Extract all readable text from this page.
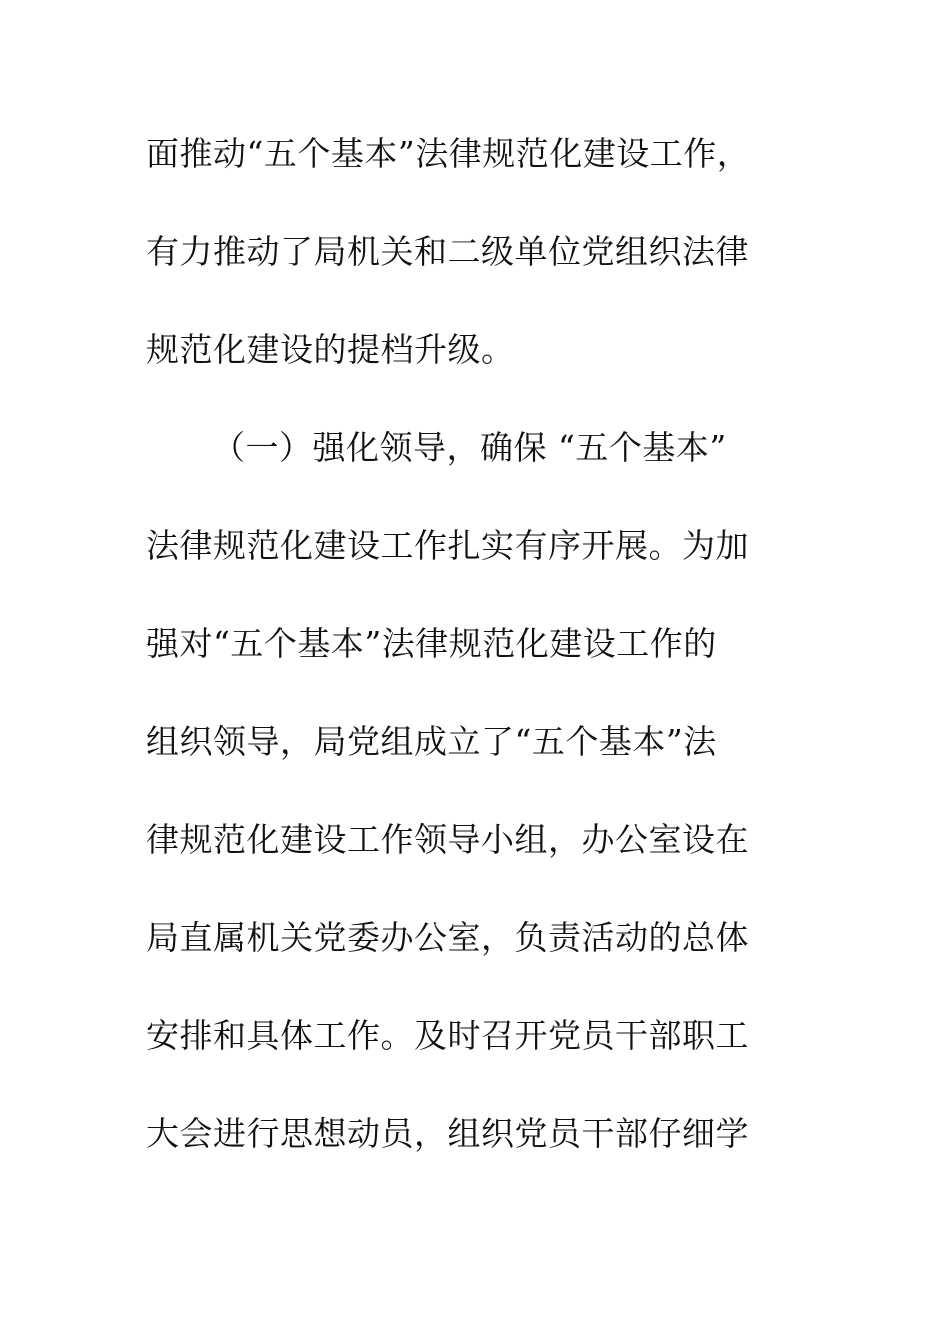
面推动“五个基本”法律规范化建设工作，
有力推动了局机关和二级单位党组织法律
规范化建设的提档升级。
（一）强化领导，确保 “五个基本”
法律规范化建设工作扎实有序开展。为加
强对“五个基本”法律规范化建设工作的
组织领导，局党组成立了“五个基本”法
律规范化建设工作领导小组，办公室设在
局直属机关党委办公室，负责活动的总体
安排和具体工作。及时召开党员干部职工
大会进行思想动员，组织党员干部仔细学
